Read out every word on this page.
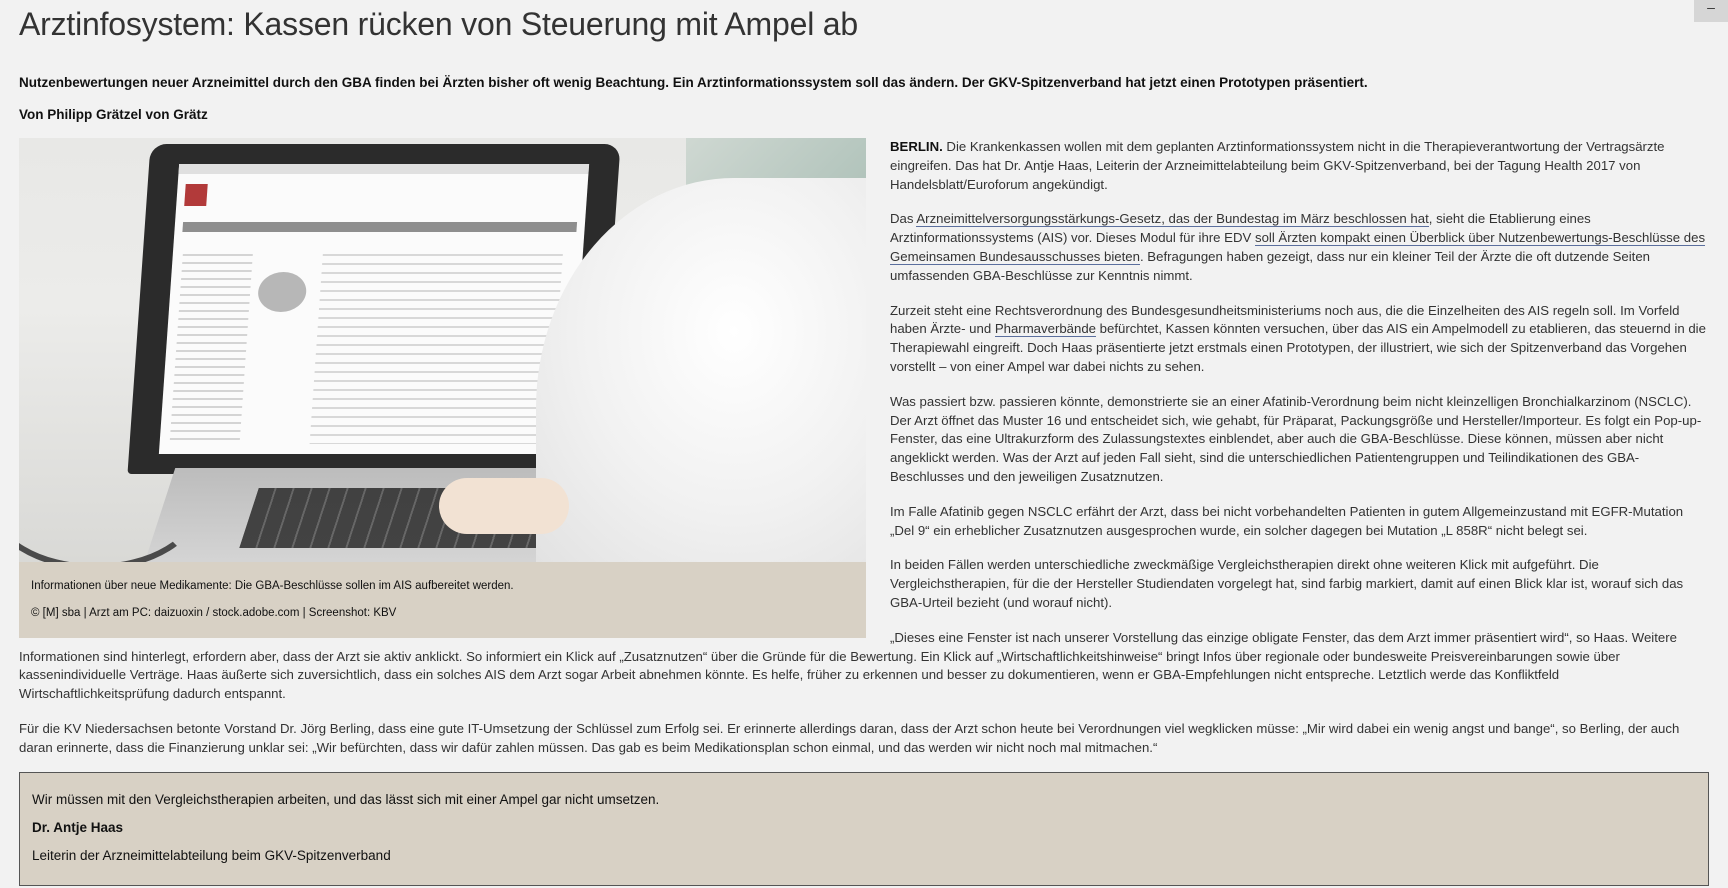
–
Arztinfosystem: Kassen rücken von Steuerung mit Ampel ab

Nutzenbewertungen neuer Arzneimittel durch den GBA finden bei Ärzten bisher oft wenig Beachtung. Ein Arztinformationssystem soll das ändern. Der GKV-Spitzenverband hat jetzt einen Prototypen präsentiert.

Von Philipp Grätzel von Grätz

Informationen über neue Medikamente: Die GBA-Beschlüsse sollen im AIS aufbereitet werden.

© [M] sba | Arzt am PC: daizuoxin / stock.adobe.com | Screenshot: KBV

BERLIN. Die Krankenkassen wollen mit dem geplanten Arztinformationssystem nicht in die Therapieverantwortung der Vertragsärzte eingreifen. Das hat Dr. Antje Haas, Leiterin der Arzneimittelabteilung beim GKV-Spitzenverband, bei der Tagung Health 2017 von Handelsblatt/Euroforum angekündigt.

Das Arzneimittelversorgungsstärkungs-Gesetz, das der Bundestag im März beschlossen hat, sieht die Etablierung eines Arztinformationssystems (AIS) vor. Dieses Modul für ihre EDV soll Ärzten kompakt einen Überblick über Nutzenbewertungs-Beschlüsse des Gemeinsamen Bundesausschusses bieten. Befragungen haben gezeigt, dass nur ein kleiner Teil der Ärzte die oft dutzende Seiten umfassenden GBA-Beschlüsse zur Kenntnis nimmt.

Zurzeit steht eine Rechtsverordnung des Bundesgesundheitsministeriums noch aus, die die Einzelheiten des AIS regeln soll. Im Vorfeld haben Ärzte- und Pharmaverbände befürchtet, Kassen könnten versuchen, über das AIS ein Ampelmodell zu etablieren, das steuernd in die Therapiewahl eingreift. Doch Haas präsentierte jetzt erstmals einen Prototypen, der illustriert, wie sich der Spitzenverband das Vorgehen vorstellt – von einer Ampel war dabei nichts zu sehen.

Was passiert bzw. passieren könnte, demonstrierte sie an einer Afatinib-Verordnung beim nicht kleinzelligen Bronchialkarzinom (NSCLC). Der Arzt öffnet das Muster 16 und entscheidet sich, wie gehabt, für Präparat, Packungsgröße und Hersteller/Importeur. Es folgt ein Pop-up-Fenster, das eine Ultrakurzform des Zulassungstextes einblendet, aber auch die GBA-Beschlüsse. Diese können, müssen aber nicht angeklickt werden. Was der Arzt auf jeden Fall sieht, sind die unterschiedlichen Patientengruppen und Teilindikationen des GBA-Beschlusses und den jeweiligen Zusatznutzen.

Im Falle Afatinib gegen NSCLC erfährt der Arzt, dass bei nicht vorbehandelten Patienten in gutem Allgemeinzustand mit EGFR-Mutation „Del 9“ ein erheblicher Zusatznutzen ausgesprochen wurde, ein solcher dagegen bei Mutation „L 858R“ nicht belegt sei.

In beiden Fällen werden unterschiedliche zweckmäßige Vergleichstherapien direkt ohne weiteren Klick mit aufgeführt. Die Vergleichstherapien, für die der Hersteller Studiendaten vorgelegt hat, sind farbig markiert, damit auf einen Blick klar ist, worauf sich das GBA-Urteil bezieht (und worauf nicht).

„Dieses eine Fenster ist nach unserer Vorstellung das einzige obligate Fenster, das dem Arzt immer präsentiert wird“, so Haas. Weitere Informationen sind hinterlegt, erfordern aber, dass der Arzt sie aktiv anklickt. So informiert ein Klick auf „Zusatznutzen“ über die Gründe für die Bewertung. Ein Klick auf „Wirtschaftlichkeitshinweise“ bringt Infos über regionale oder bundesweite Preisvereinbarungen sowie über kassenindividuelle Verträge. Haas äußerte sich zuversichtlich, dass ein solches AIS dem Arzt sogar Arbeit abnehmen könnte. Es helfe, früher zu erkennen und besser zu dokumentieren, wenn er GBA-Empfehlungen nicht entspreche. Letztlich werde das Konfliktfeld Wirtschaftlichkeitsprüfung dadurch entspannt.

Für die KV Niedersachsen betonte Vorstand Dr. Jörg Berling, dass eine gute IT-Umsetzung der Schlüssel zum Erfolg sei. Er erinnerte allerdings daran, dass der Arzt schon heute bei Verordnungen viel wegklicken müsse: „Mir wird dabei ein wenig angst und bange“, so Berling, der auch daran erinnerte, dass die Finanzierung unklar sei: „Wir befürchten, dass wir dafür zahlen müssen. Das gab es beim Medikationsplan schon einmal, und das werden wir nicht noch mal mitmachen.“

Wir müssen mit den Vergleichstherapien arbeiten, und das lässt sich mit einer Ampel gar nicht umsetzen.

Dr. Antje Haas

Leiterin der Arzneimittelabteilung beim GKV-Spitzenverband
